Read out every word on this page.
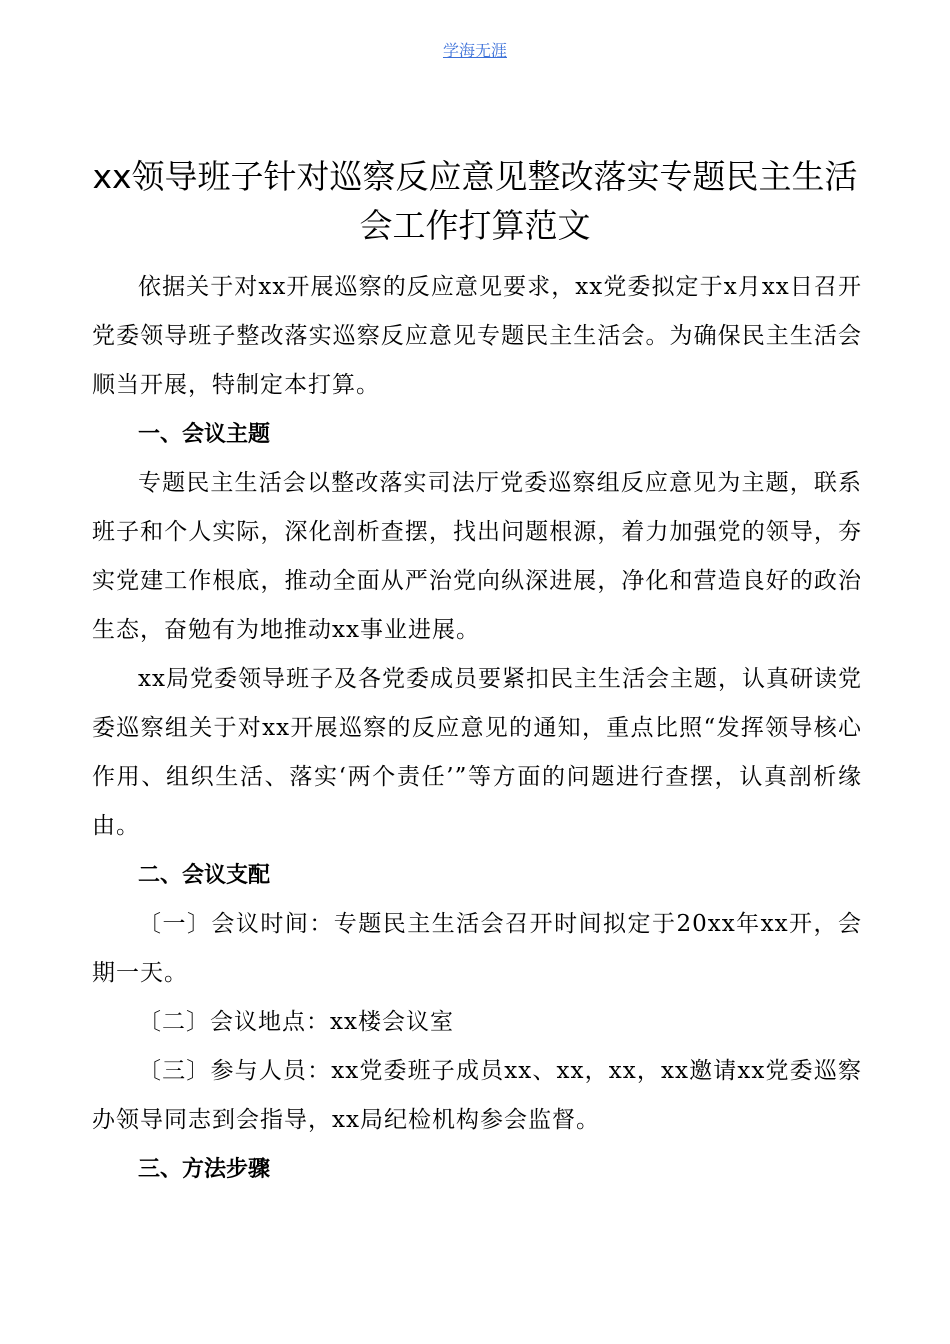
学海无涯
xx领导班子针对巡察反应意见整改落实专题民主生活会工作打算范文

依据关于对xx开展巡察的反应意见要求，xx党委拟定于x月xx日召开党委领导班子整改落实巡察反应意见专题民主生活会。为确保民主生活会顺当开展，特制定本打算。

一、会议主题

专题民主生活会以整改落实司法厅党委巡察组反应意见为主题，联系班子和个人实际，深化剖析查摆，找出问题根源，着力加强党的领导，夯实党建工作根底，推动全面从严治党向纵深进展，净化和营造良好的政治生态，奋勉有为地推动xx事业进展。

xx局党委领导班子及各党委成员要紧扣民主生活会主题，认真研读党委巡察组关于对xx开展巡察的反应意见的通知，重点比照“发挥领导核心作用、组织生活、落实‘两个责任’”等方面的问题进行查摆，认真剖析缘由。

二、会议支配

〔一〕会议时间：专题民主生活会召开时间拟定于20xx年xx开，会期一天。

〔二〕会议地点：xx楼会议室

〔三〕参与人员：xx党委班子成员xx、xx，xx，xx邀请xx党委巡察办领导同志到会指导，xx局纪检机构参会监督。

三、方法步骤
